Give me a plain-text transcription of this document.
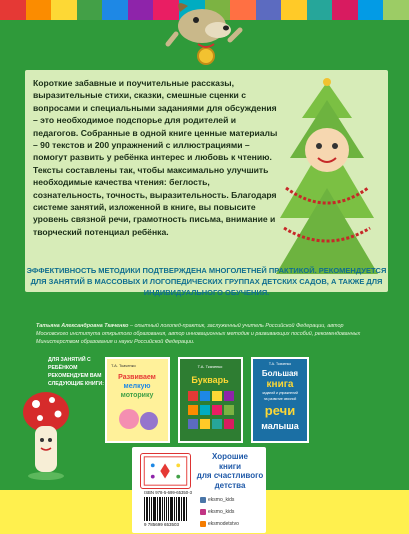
Короткие забавные и поучительные рассказы, выразительные стихи, сказки, смешные сценки с вопросами и специальными заданиями для обсуждения – это необходимое подспорье для родителей и педагогов. Собранные в одной книге ценные материалы – 90 текстов и 200 упражнений с иллюстрациями – помогут развить у ребёнка интерес и любовь к чтению. Тексты составлены так, чтобы максимально улучшить необходимые качества чтения: беглость, сознательность, точность, выразительность. Благодаря системе занятий, изложенной в книге, вы повысите уровень связной речи, грамотность письма, внимание и творческий потенциал ребёнка.

ЭФФЕКТИВНОСТЬ МЕТОДИКИ ПОДТВЕРЖДЕНА МНОГОЛЕТНЕЙ ПРАКТИКОЙ. РЕКОМЕНДУЕТСЯ ДЛЯ ЗАНЯТИЙ В МАССОВЫХ И ЛОГОПЕДИЧЕСКИХ ГРУППАХ ДЕТСКИХ САДОВ, А ТАКЖЕ ДЛЯ ИНДИВИДУАЛЬНОГО ОБУЧЕНИЯ.

Татьяна Александровна Ткаченко – опытный логопед-практик, заслуженный учитель Российской Федерации, автор Московского института открытого образования, автор инновационных методик и развивающих пособий, рекомендованных Министерством образования и науки Российской Федерации.

ДЛЯ ЗАНЯТИЙ С РЕБЁНКОМ РЕКОМЕНДУЕМ ВАМ СЛЕДУЮЩИЕ КНИГИ:
Т.А. Ткаченко
Развиваем
мелкую
моторику
Т.А. Ткаченко
Букварь
Т.А. Ткаченко
Большая
книга
заданий и упражнений
на развитие связной
речи
малыша
Хорошие
книги
для счастливого
детства
ISBN 978-5-699-65350-3
9 785699 653503
eksmo_kids
eksmo_kids
eksmodetstvo
